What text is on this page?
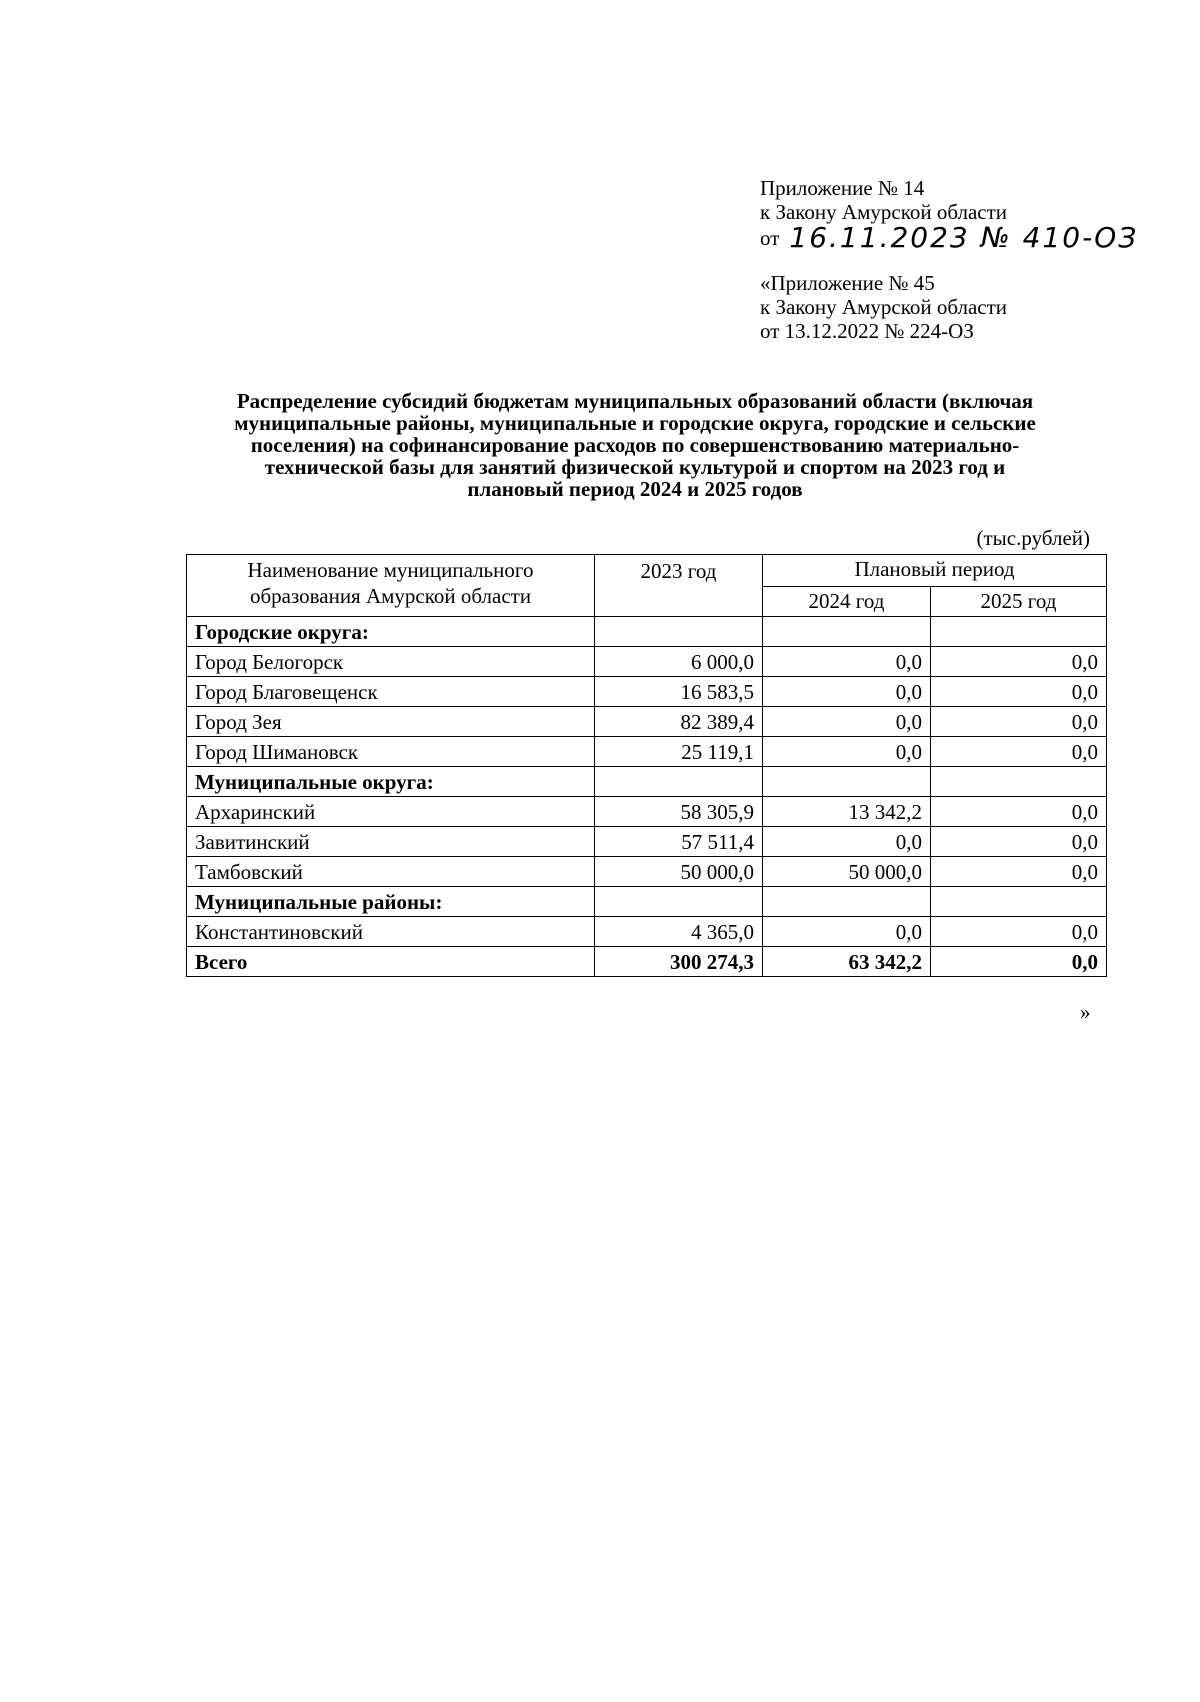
Приложение № 14
к Закону Амурской области
от 16.11.2023 № 410-ОЗ
«Приложение № 45
к Закону Амурской области
от 13.12.2022 № 224-ОЗ
Распределение субсидий бюджетам муниципальных образований области (включая
муниципальные районы, муниципальные и городские округа, городские и сельские
поселения) на софинансирование расходов по совершенствованию материально-
технической базы для занятий физической культурой и спортом на 2023 год и
плановый период 2024 и 2025 годов
(тыс.рублей)
Наименование муниципального образования Амурской области	2023 год	Плановый период	
		2024 год	2025 год
Городские округа:			
Город Белогорск	6 000,0	0,0	0,0
Город Благовещенск	16 583,5	0,0	0,0
Город Зея	82 389,4	0,0	0,0
Город Шимановск	25 119,1	0,0	0,0
Муниципальные округа:			
Архаринский	58 305,9	13 342,2	0,0
Завитинский	57 511,4	0,0	0,0
Тамбовский	50 000,0	50 000,0	0,0
Муниципальные районы:			
Константиновский	4 365,0	0,0	0,0
Всего	300 274,3	63 342,2	0,0
»
